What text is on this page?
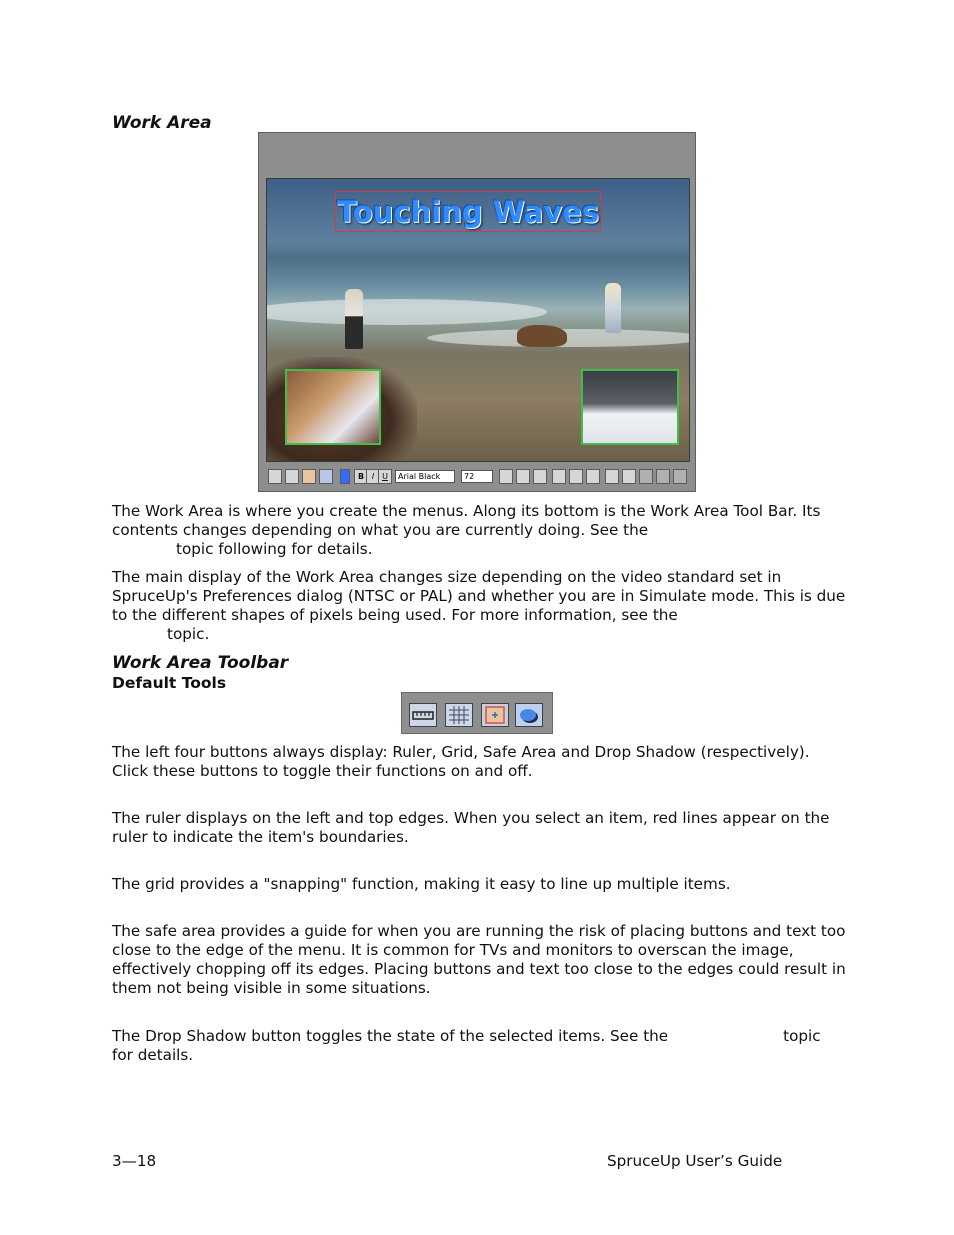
Work Area
Touching Waves
B I U	Arial Black	72

The Work Area is where you create the menus. Along its bottom is the Work Area Tool Bar. Its contents changes depending on what you are currently doing. See the

topic following for details.

The main display of the Work Area changes size depending on the video standard set in SpruceUp's Preferences dialog (NTSC or PAL) and whether you are in Simulate mode. This is due to the different shapes of pixels being used. For more information, see the

topic.

Work Area Toolbar
Default Tools

The left four buttons always display: Ruler, Grid, Safe Area and Drop Shadow (respectively). Click these buttons to toggle their functions on and off.

The ruler displays on the left and top edges. When you select an item, red lines appear on the ruler to indicate the item's boundaries.

The grid provides a "snapping" function, making it easy to line up multiple items.

The safe area provides a guide for when you are running the risk of placing buttons and text too close to the edge of the menu. It is common for TVs and monitors to overscan the image, effectively chopping off its edges. Placing buttons and text too close to the edges could result in them not being visible in some situations.

The Drop Shadow button toggles the state of the selected items. See the	topic

for details.

3—18	SpruceUp User’s Guide
